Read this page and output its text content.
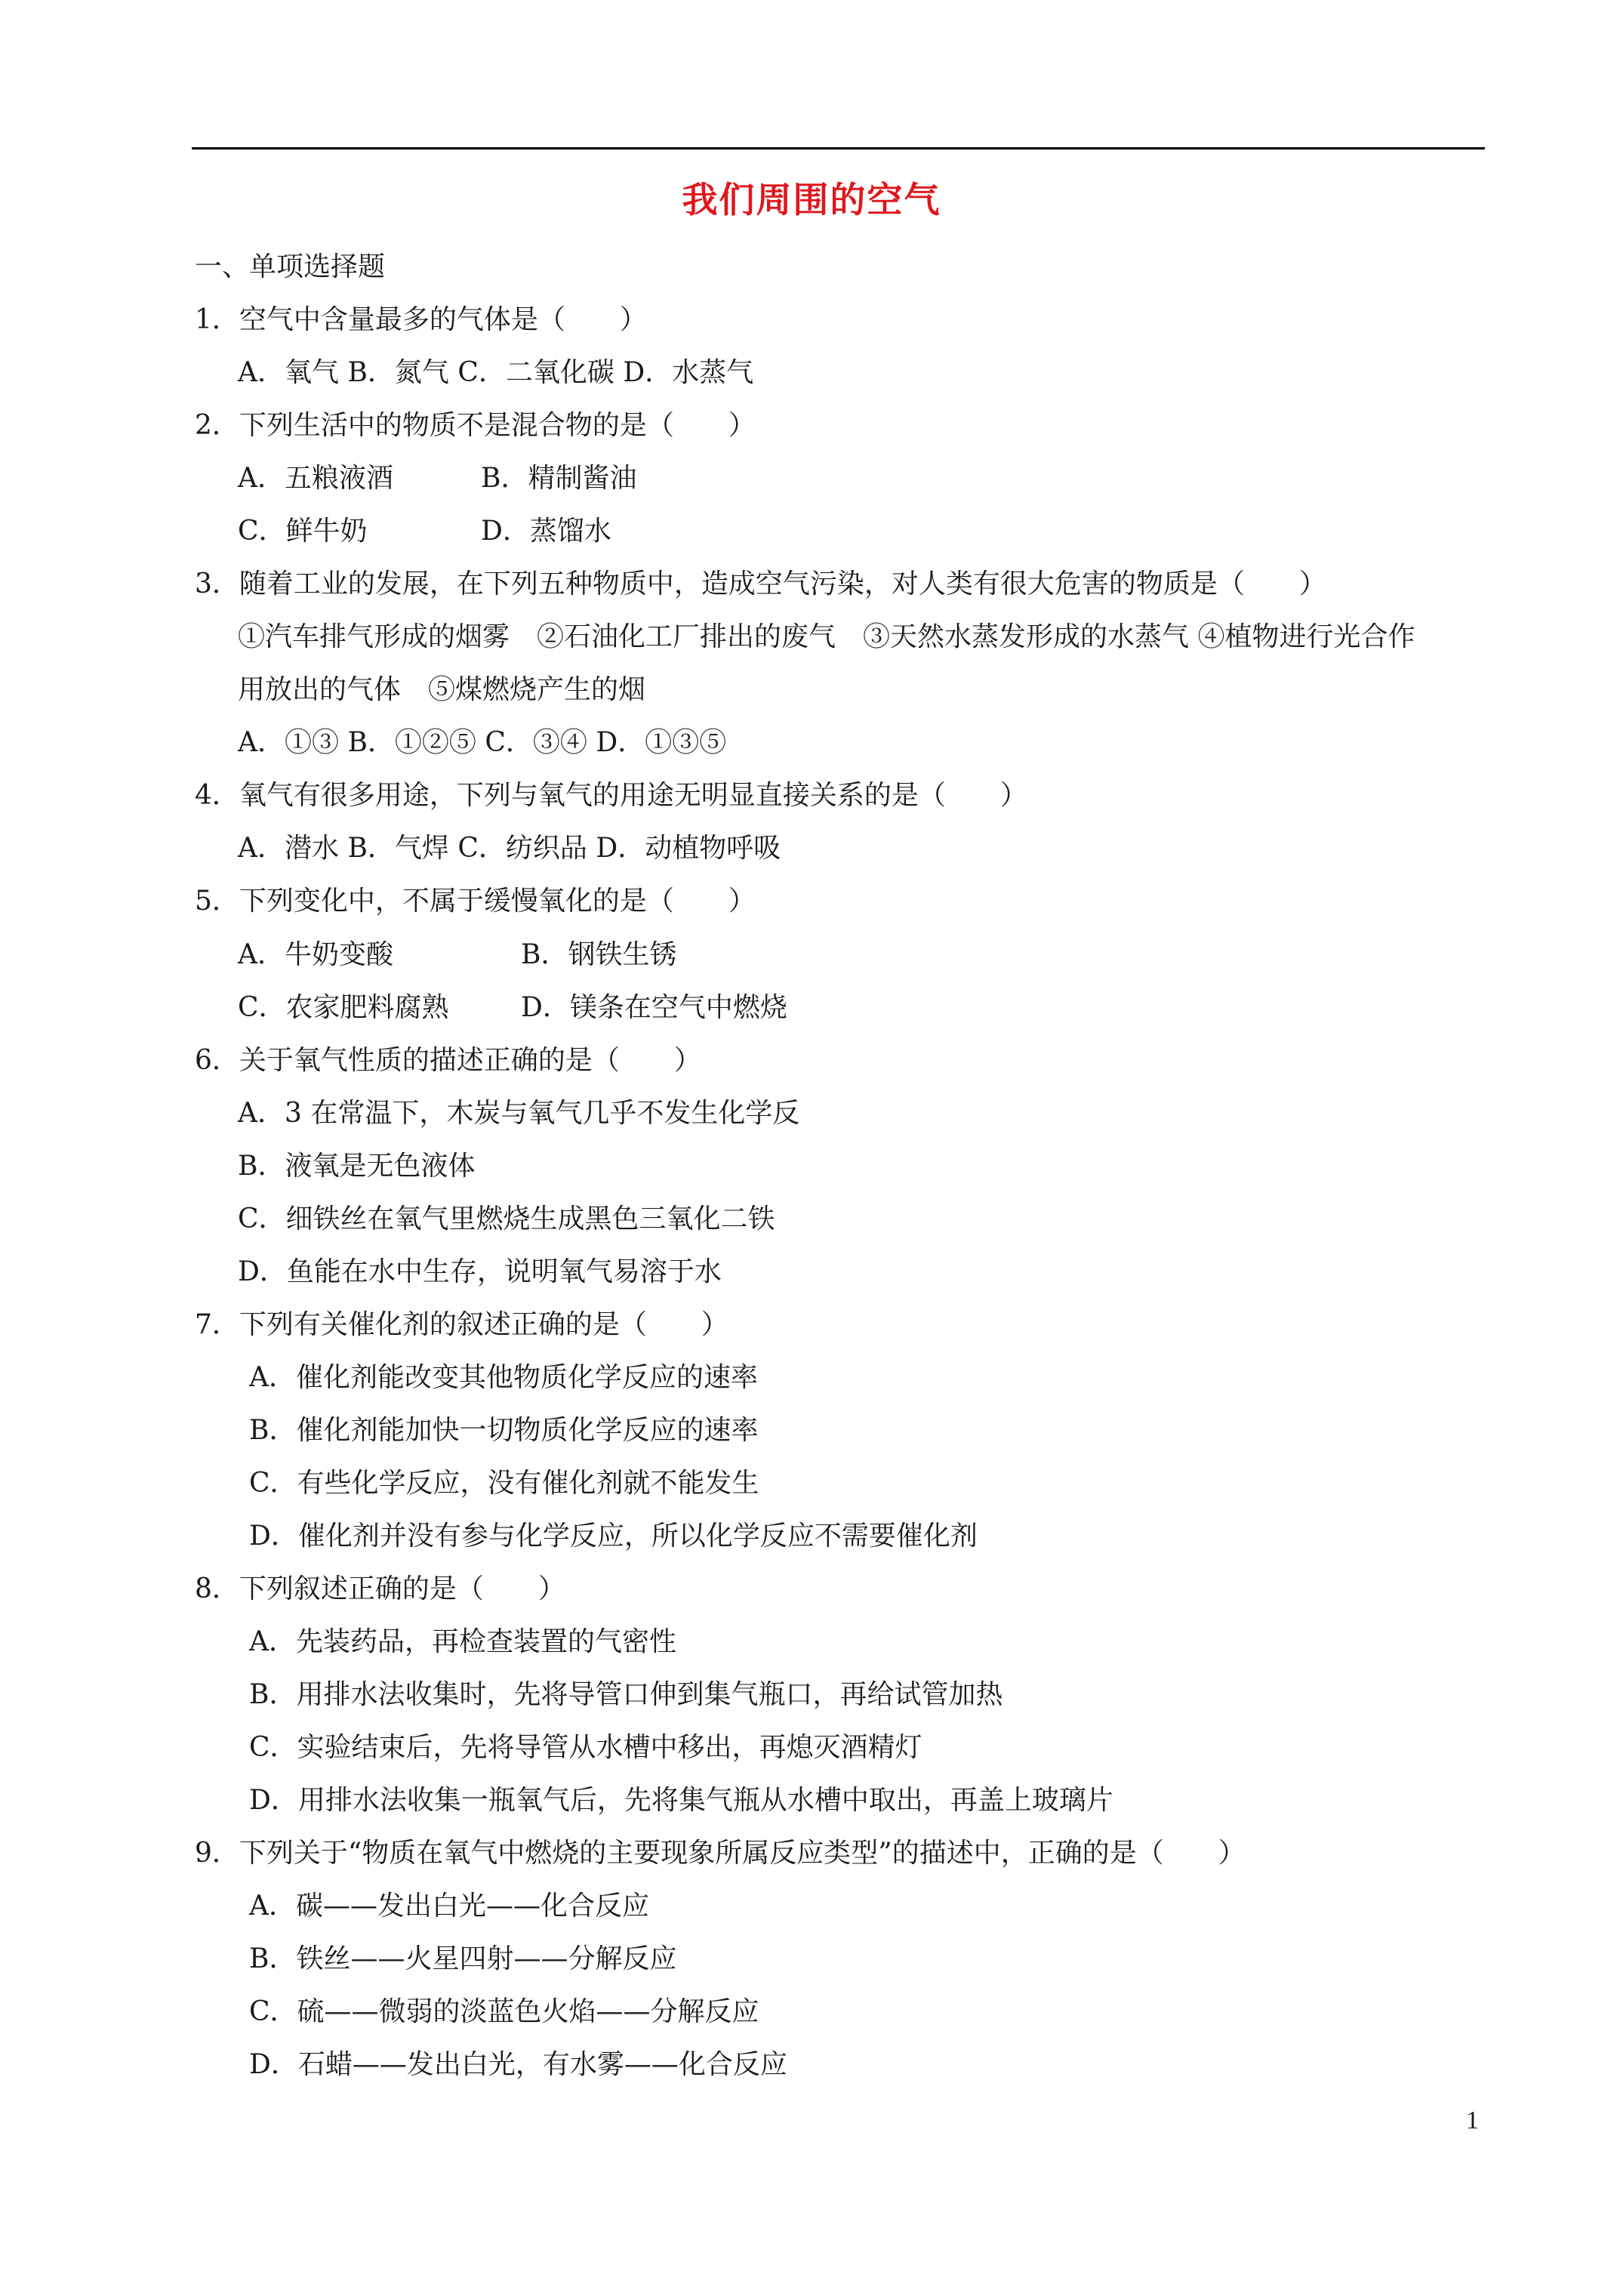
我们周围的空气
一、单项选择题
1．空气中含量最多的气体是（　　）
A．氧气 B．氮气 C．二氧化碳 D．水蒸气
2．下列生活中的物质不是混合物的是（　　）
A．五粮液酒	B．精制酱油
C．鲜牛奶	D．蒸馏水
3．随着工业的发展，在下列五种物质中，造成空气污染，对人类有很大危害的物质是（　　）
①汽车排气形成的烟雾　②石油化工厂排出的废气　③天然水蒸发形成的水蒸气 ④植物进行光合作
用放出的气体　⑤煤燃烧产生的烟
A．①③ B．①②⑤ C．③④ D．①③⑤
4．氧气有很多用途，下列与氧气的用途无明显直接关系的是（　　）
A．潜水 B．气焊 C．纺织品 D．动植物呼吸
5．下列变化中，不属于缓慢氧化的是（　　）
A．牛奶变酸	B．钢铁生锈
C．农家肥料腐熟	D．镁条在空气中燃烧
6．关于氧气性质的描述正确的是（　　）
A．3 在常温下，木炭与氧气几乎不发生化学反
B．液氧是无色液体
C．细铁丝在氧气里燃烧生成黑色三氧化二铁
D．鱼能在水中生存，说明氧气易溶于水
7．下列有关催化剂的叙述正确的是（　　）
A．催化剂能改变其他物质化学反应的速率
B．催化剂能加快一切物质化学反应的速率
C．有些化学反应，没有催化剂就不能发生
D．催化剂并没有参与化学反应，所以化学反应不需要催化剂
8．下列叙述正确的是（　　）
A．先装药品，再检查装置的气密性
B．用排水法收集时，先将导管口伸到集气瓶口，再给试管加热
C．实验结束后，先将导管从水槽中移出，再熄灭酒精灯
D．用排水法收集一瓶氧气后，先将集气瓶从水槽中取出，再盖上玻璃片
9．下列关于“物质在氧气中燃烧的主要现象所属反应类型”的描述中，正确的是（　　）
A．碳——发出白光——化合反应
B．铁丝——火星四射——分解反应
C．硫——微弱的淡蓝色火焰——分解反应
D．石蜡——发出白光，有水雾——化合反应
1
